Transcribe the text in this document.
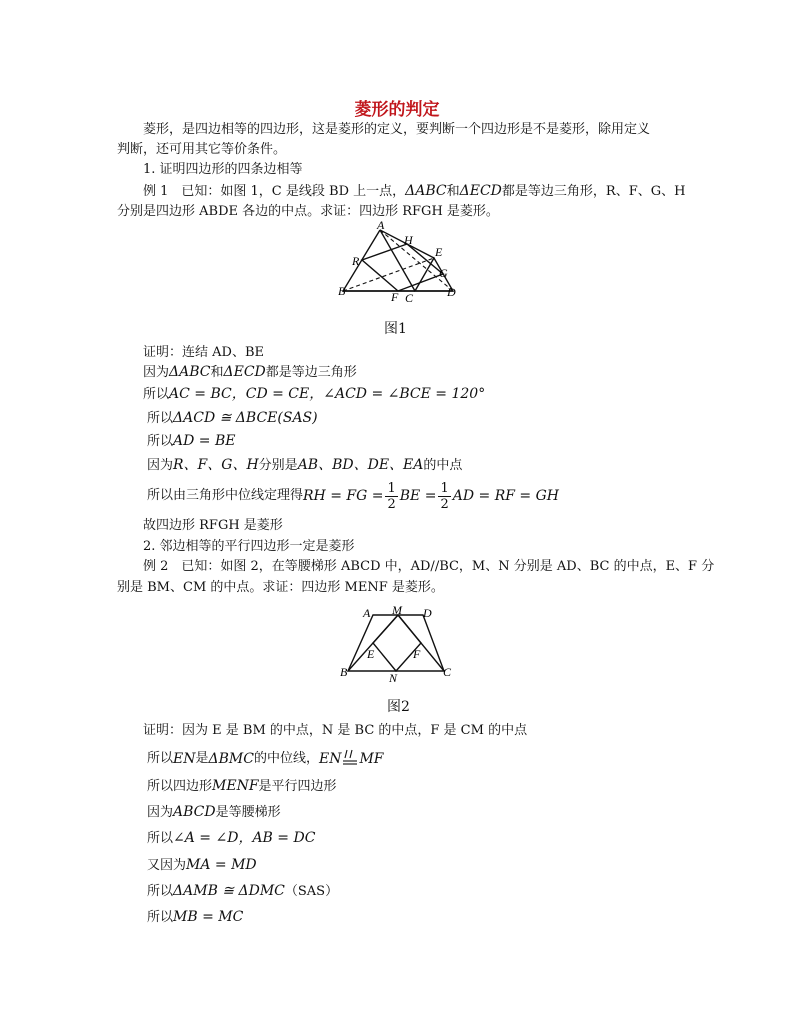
菱形的判定
菱形，是四边相等的四边形，这是菱形的定义，要判断一个四边形是不是菱形，除用定义
判断，还可用其它等价条件。
1. 证明四边形的四条边相等
例 1　已知：如图 1，C 是线段 BD 上一点，ΔABC和ΔECD都是等边三角形，R、F、G、H
分别是四边形 ABDE 各边的中点。求证：四边形 RFGH 是菱形。
A
H
E
R
G
B	F C	D
图1
证明：连结 AD、BE
因为ΔABC和ΔECD都是等边三角形
所以AC = BC，CD = CE，∠ACD = ∠BCE = 120°
所以ΔACD ≅ ΔBCE(SAS)
所以AD = BE
因为R、F、G、H分别是AB、BD、DE、EA的中点
所以由三角形中位线定理得 RH = FG = $\frac{1}{2}$ BE = $\frac{1}{2}$ AD = RF = GH
故四边形 RFGH 是菱形
2. 邻边相等的平行四边形一定是菱形
例 2　已知：如图 2，在等腰梯形 ABCD 中，AD//BC，M、N 分别是 AD、BC 的中点，E、F 分
别是 BM、CM 的中点。求证：四边形 MENF 是菱形。
A M D
E	F
B	N	C
图2
证明：因为 E 是 BM 的中点，N 是 BC 的中点，F 是 CM 的中点
所以 EN 是 ΔBMC 的中位线， EN MF
所以四边形MENF是平行四边形
因为ABCD是等腰梯形
所以∠A = ∠D，AB = DC
又因为MA = MD
所以ΔAMB ≅ ΔDMC（SAS）
所以MB = MC
